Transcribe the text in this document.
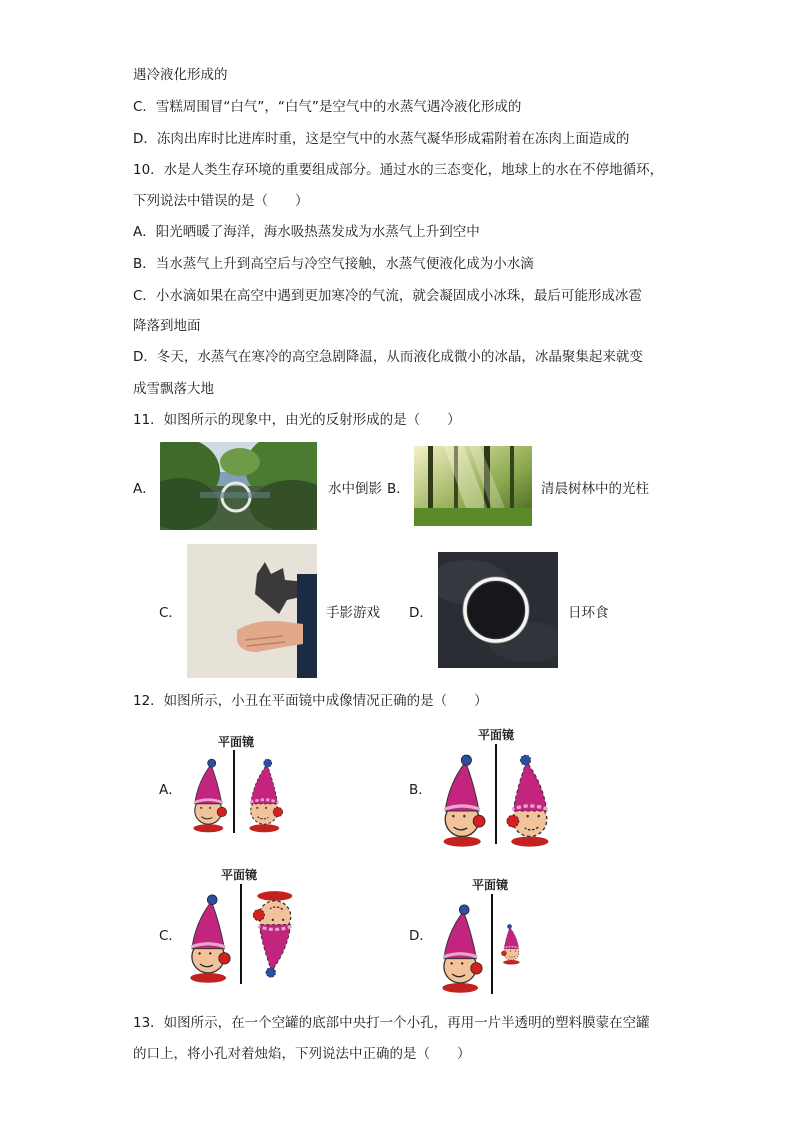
遇冷液化形成的
C．雪糕周围冒“白气”，“白气”是空气中的水蒸气遇冷液化形成的
D．冻肉出库时比进库时重，这是空气中的水蒸气凝华形成霜附着在冻肉上面造成的
10．水是人类生存环境的重要组成部分。通过水的三态变化，地球上的水在不停地循环，
下列说法中错误的是（　　）
A．阳光晒暖了海洋，海水吸热蒸发成为水蒸气上升到空中
B．当水蒸气上升到高空后与冷空气接触，水蒸气便液化成为小水滴
C．小水滴如果在高空中遇到更加寒冷的气流，就会凝固成小冰珠，最后可能形成冰雹
降落到地面
D．冬天，水蒸气在寒冷的高空急剧降温，从而液化成微小的冰晶，冰晶聚集起来就变
成雪飘落大地
11．如图所示的现象中，由光的反射形成的是（　　）
A．	水中倒影 B．	清晨树林中的光柱
C．	手影游戏 D．	日环食
12．如图所示，小丑在平面镜中成像情况正确的是（　　）
平面镜
A．
平面镜
B．
平面镜
C．
平面镜
D．
13．如图所示，在一个空罐的底部中央打一个小孔，再用一片半透明的塑料膜蒙在空罐
的口上，将小孔对着烛焰，下列说法中正确的是（　　）
